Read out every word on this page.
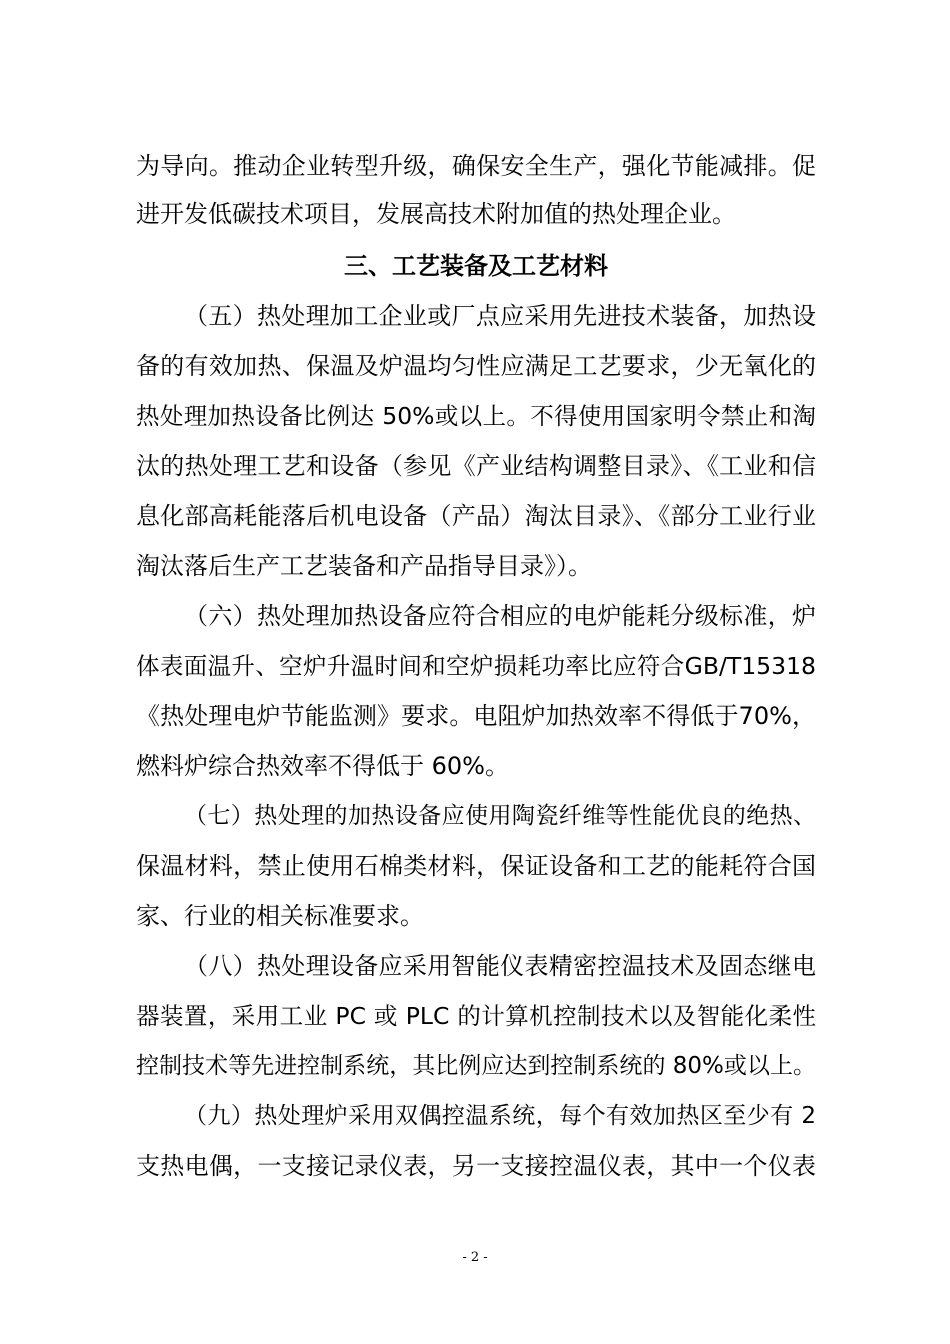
为导向。推动企业转型升级，确保安全生产，强化节能减排。促
进开发低碳技术项目，发展高技术附加值的热处理企业。
三、工艺装备及工艺材料
（五）热处理加工企业或厂点应采用先进技术装备，加热设
备的有效加热、保温及炉温均匀性应满足工艺要求，少无氧化的
热处理加热设备比例达 50%或以上。不得使用国家明令禁止和淘
汰的热处理工艺和设备（参见《产业结构调整目录》、《工业和信
息化部高耗能落后机电设备（产品）淘汰目录》、《部分工业行业
淘汰落后生产工艺装备和产品指导目录》）。
（六）热处理加热设备应符合相应的电炉能耗分级标准，炉
体表面温升、空炉升温时间和空炉损耗功率比应符合GB/T15318
《热处理电炉节能监测》要求。电阻炉加热效率不得低于70%，
燃料炉综合热效率不得低于 60%。
（七）热处理的加热设备应使用陶瓷纤维等性能优良的绝热、
保温材料，禁止使用石棉类材料，保证设备和工艺的能耗符合国
家、行业的相关标准要求。
（八）热处理设备应采用智能仪表精密控温技术及固态继电
器装置，采用工业 PC 或 PLC 的计算机控制技术以及智能化柔性
控制技术等先进控制系统，其比例应达到控制系统的 80%或以上。
（九）热处理炉采用双偶控温系统，每个有效加热区至少有 2
支热电偶，一支接记录仪表，另一支接控温仪表，其中一个仪表
- 2 -
